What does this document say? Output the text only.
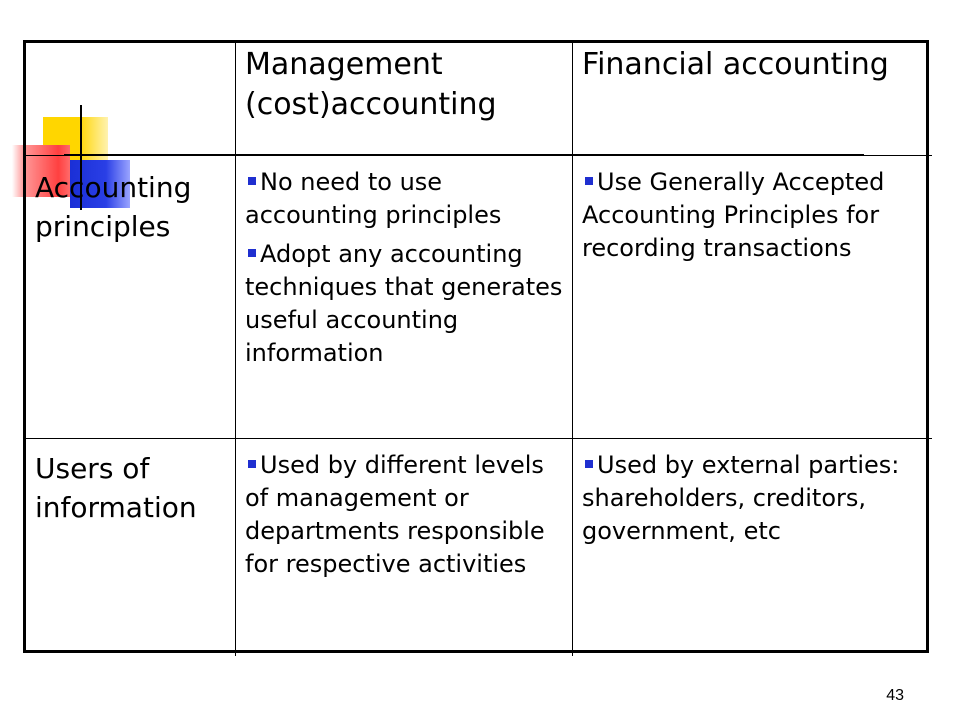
Management (cost)accounting
Financial accounting
Accounting principles
No need to use accounting principles
Adopt any accounting techniques that generates useful accounting information
Use Generally Accepted Accounting Principles for recording transactions
Users of information
Used by different levels of management or departments responsible for respective activities
Used by external parties: shareholders, creditors, government, etc
43
